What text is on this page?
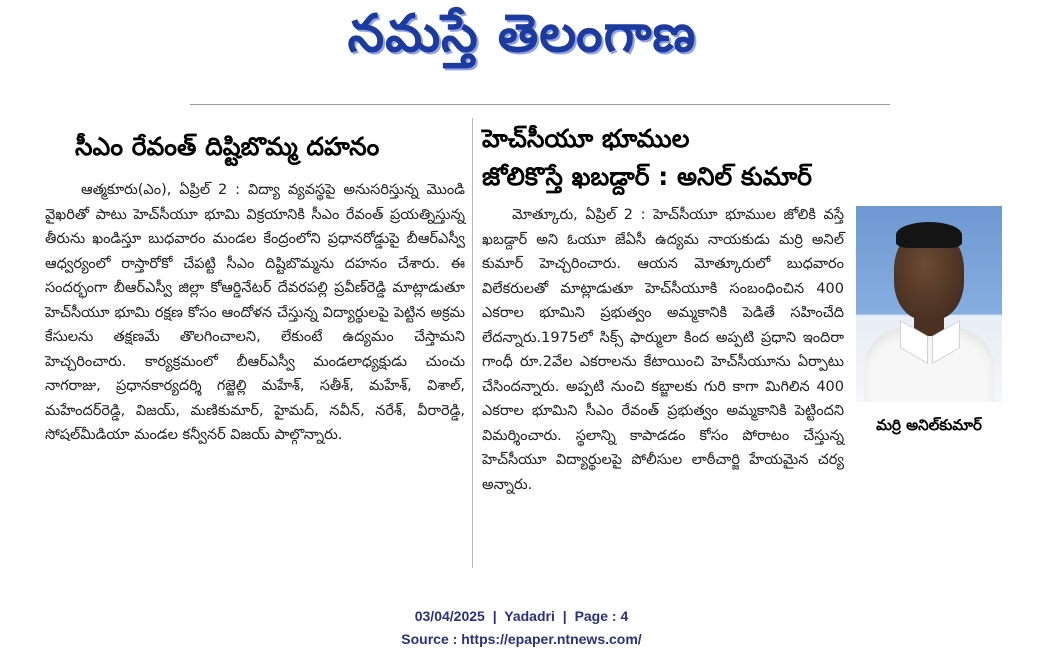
నమస్తే తెలంగాణ
సీఎం రేవంత్ దిష్టిబొమ్మ దహనం

ఆత్మకూరు(ఎం), ఏప్రిల్ 2 : విద్యా వ్యవస్థపై అనుసరిస్తున్న మొండి వైఖరితో పాటు హెచ్‌సీయూ భూమి విక్రయానికి సీఎం రేవంత్ ప్రయత్నిస్తున్న తీరును ఖండిస్తూ బుధవారం మండల కేంద్రంలోని ప్రధానరోడ్డుపై బీఆర్ఎస్వీ ఆధ్వర్యంలో రాస్తారోకో చేపట్టి సీఎం దిష్టిబొమ్మను దహనం చేశారు. ఈ సందర్భంగా బీఆర్ఎస్వీ జిల్లా కోఆర్డినేటర్ దేవరపల్లి ప్రవీణ్‌రెడ్డి మాట్లాడుతూ హెచ్‌సీయూ భూమి రక్షణ కోసం ఆందోళన చేస్తున్న విద్యార్థులపై పెట్టిన అక్రమ కేసులను తక్షణమే తొలగించాలని, లేకుంటే ఉద్యమం చేస్తామని హెచ్చరించారు. కార్యక్రమంలో బీఆర్ఎస్వీ మండలాధ్యక్షుడు చుంచు నాగరాజు, ప్రధానకార్యదర్శి గజ్జెల్లి మహేశ్, సతీశ్, మహేశ్, విశాల్, మహేందర్‌రెడ్డి, విజయ్, మణికుమార్, హైమద్, నవీన్, నరేశ్, వీరారెడ్డి, సోషల్‌మీడియా మండల కన్వీనర్ విజయ్ పాల్గొన్నారు.

హెచ్‌సీయూ భూముల
జోలికొస్తే ఖబడ్దార్ : అనిల్ కుమార్
మర్రి అనిల్‌కుమార్

మోత్కూరు, ఏప్రిల్ 2 : హెచ్‌సీయూ భూముల జోలికి వస్తే ఖబడ్దార్ అని ఓయూ జేఏసీ ఉద్యమ నాయకుడు మర్రి అనిల్ కుమార్ హెచ్చరించారు. ఆయన మోత్కూరులో బుధవారం విలేకరులతో మాట్లాడుతూ హెచ్‌సీయూకి సంబంధించిన 400 ఎకరాల భూమిని ప్రభుత్వం అమ్మకానికి పెడితే సహించేది లేదన్నారు.1975లో సిక్స్ ఫార్ములా కింద అప్పటి ప్రధాని ఇందిరా గాంధీ రూ.2వేల ఎకరాలను కేటాయించి హెచ్‌సీయూను ఏర్పాటు చేసిందన్నారు. అప్పటి నుంచి కబ్జాలకు గురి కాగా మిగిలిన 400 ఎకరాల భూమిని సీఎం రేవంత్ ప్రభుత్వం అమ్మకానికి పెట్టిందని విమర్శించారు. స్థలాన్ని కాపాడడం కోసం పోరాటం చేస్తున్న హెచ్‌సీయూ విద్యార్థులపై పోలీసుల లాఠీచార్జి హేయమైన చర్య అన్నారు.

03/04/2025 | Yadadri | Page : 4
Source : https://epaper.ntnews.com/
